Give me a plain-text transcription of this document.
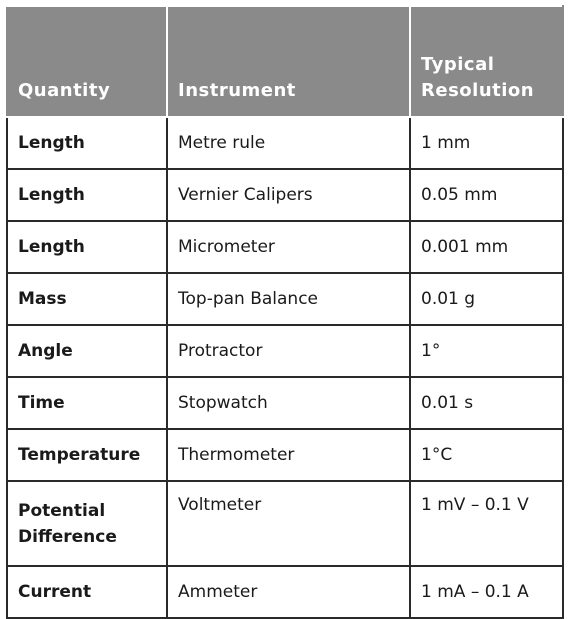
Quantity	Instrument	Typical
Resolution

Length	Metre rule	1 mm
Length	Vernier Calipers	0.05 mm
Length	Micrometer	0.001 mm
Mass	Top-pan Balance	0.01 g
Angle	Protractor	1°
Time	Stopwatch	0.01 s
Temperature	Thermometer	1°C

Potential
Difference	Voltmeter	1 mV – 0.1 V
Current	Ammeter	1 mA – 0.1 A
